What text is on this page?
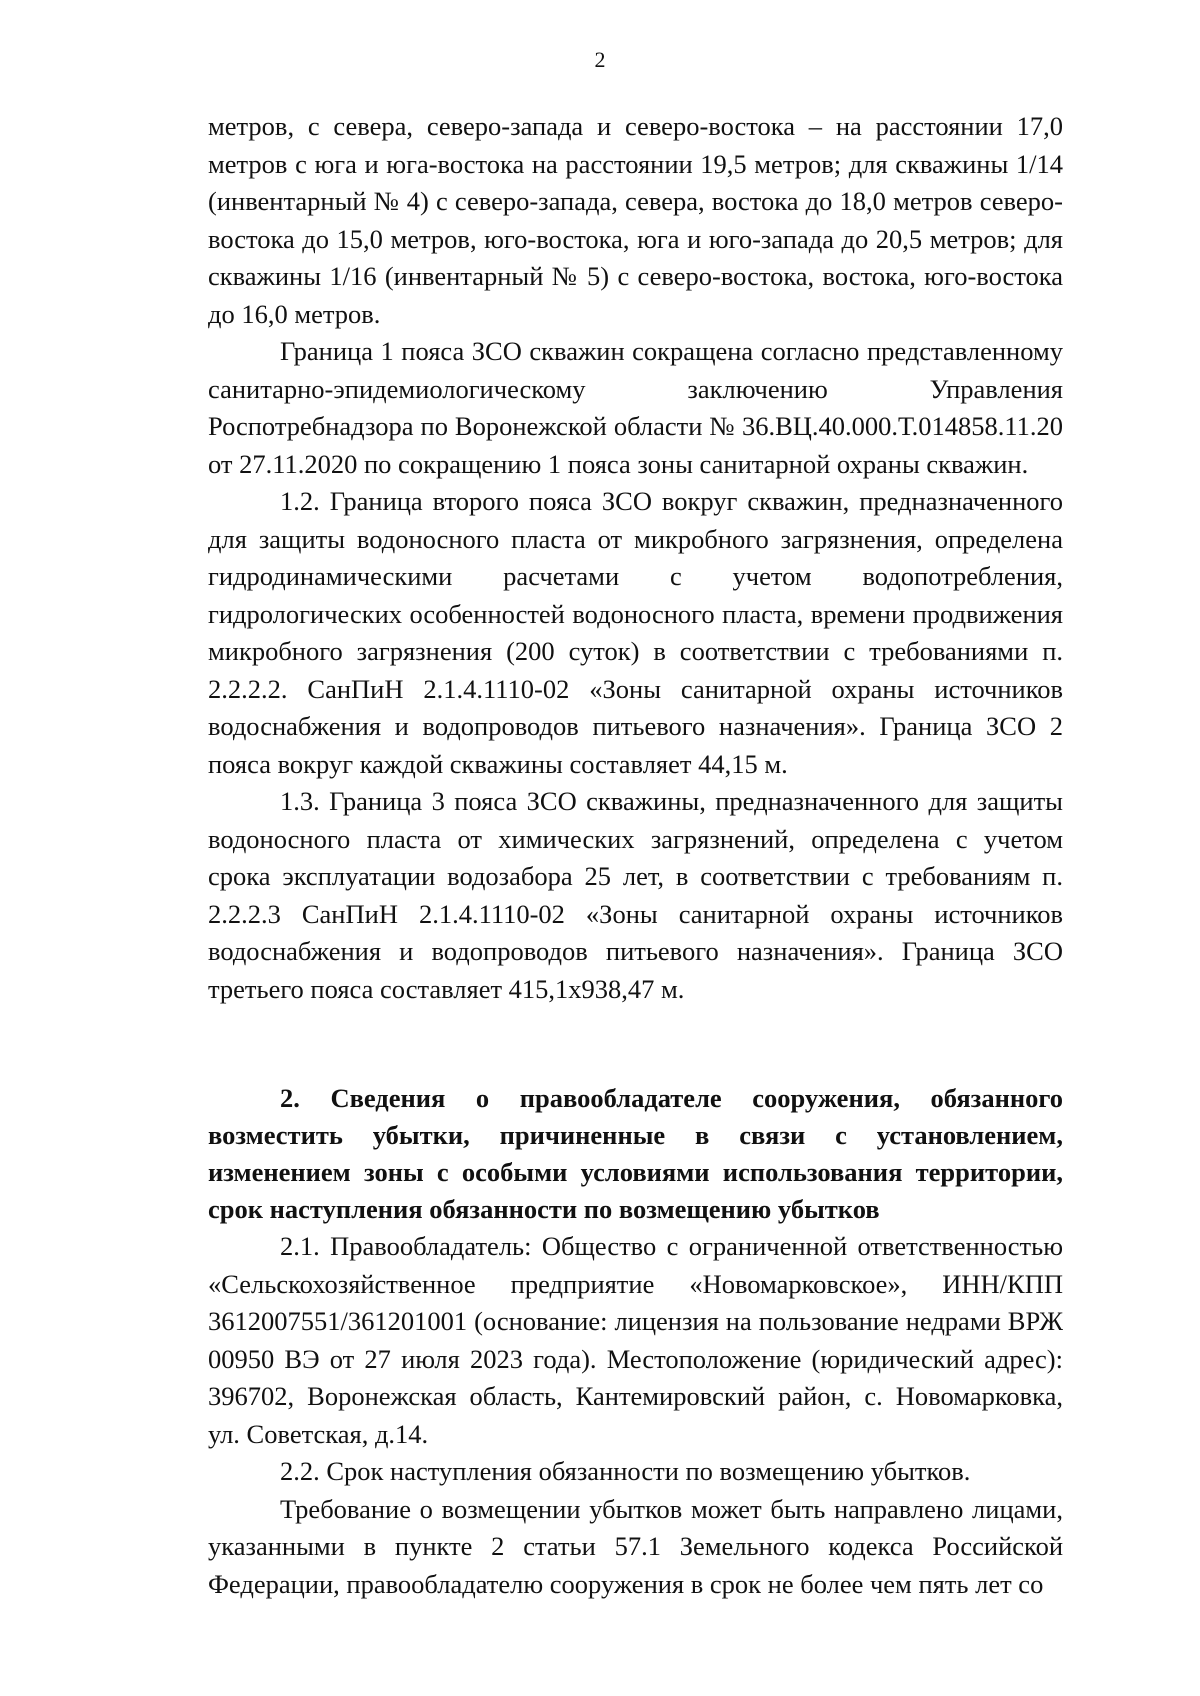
2

метров, с севера, северо-запада и северо-востока – на расстоянии 17,0 метров с юга и юга-востока на расстоянии 19,5 метров; для скважины 1/14 (инвентарный № 4) с северо-запада, севера, востока до 18,0 метров северо-востока до 15,0 метров, юго-востока, юга и юго-запада до 20,5 метров; для скважины 1/16 (инвентарный № 5) с северо-востока, востока, юго-востока до 16,0 метров.

Граница 1 пояса ЗСО скважин сокращена согласно представленному санитарно-эпидемиологическому заключению Управления Роспотребнадзора по Воронежской области № 36.ВЦ.40.000.Т.014858.11.20 от 27.11.2020 по сокращению 1 пояса зоны санитарной охраны скважин.

1.2. Граница второго пояса ЗСО вокруг скважин, предназначенного для защиты водоносного пласта от микробного загрязнения, определена гидродинамическими расчетами с учетом водопотребления, гидрологических особенностей водоносного пласта, времени продвижения микробного загрязнения (200 суток) в соответствии с требованиями п. 2.2.2.2. СанПиН 2.1.4.1110-02 «Зоны санитарной охраны источников водоснабжения и водопроводов питьевого назначения». Граница ЗСО 2 пояса вокруг каждой скважины составляет 44,15 м.

1.3. Граница 3 пояса ЗСО скважины, предназначенного для защиты водоносного пласта от химических загрязнений, определена с учетом срока эксплуатации водозабора 25 лет, в соответствии с требованиям п. 2.2.2.3 СанПиН 2.1.4.1110-02 «Зоны санитарной охраны источников водоснабжения и водопроводов питьевого назначения». Граница ЗСО третьего пояса составляет 415,1х938,47 м.

2. Сведения о правообладателе сооружения, обязанного возместить убытки, причиненные в связи с установлением, изменением зоны с особыми условиями использования территории, срок наступления обязанности по возмещению убытков

2.1. Правообладатель: Общество с ограниченной ответственностью «Сельскохозяйственное предприятие «Новомарковское», ИНН/КПП 3612007551/361201001 (основание: лицензия на пользование недрами ВРЖ 00950 ВЭ от 27 июля 2023 года). Местоположение (юридический адрес): 396702, Воронежская область, Кантемировский район, с. Новомарковка, ул. Советская, д.14.

2.2. Срок наступления обязанности по возмещению убытков.

Требование о возмещении убытков может быть направлено лицами, указанными в пункте 2 статьи 57.1 Земельного кодекса Российской Федерации, правообладателю сооружения в срок не более чем пять лет со
